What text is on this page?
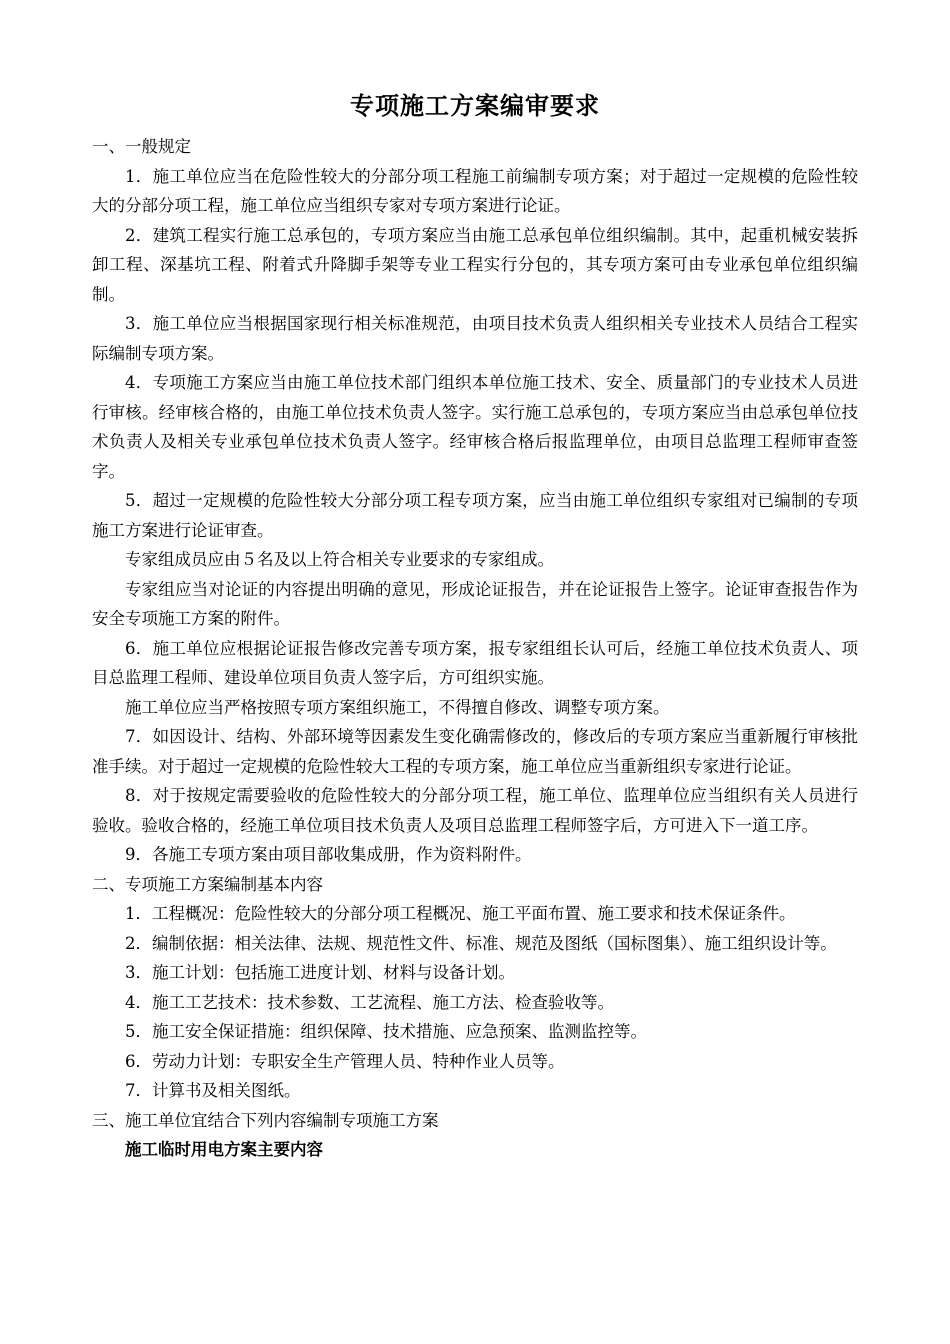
专项施工方案编审要求

一、一般规定

1．施工单位应当在危险性较大的分部分项工程施工前编制专项方案；对于超过一定规模的危险性较大的分部分项工程，施工单位应当组织专家对专项方案进行论证。

2．建筑工程实行施工总承包的，专项方案应当由施工总承包单位组织编制。其中，起重机械安装拆卸工程、深基坑工程、附着式升降脚手架等专业工程实行分包的，其专项方案可由专业承包单位组织编制。

3．施工单位应当根据国家现行相关标准规范，由项目技术负责人组织相关专业技术人员结合工程实际编制专项方案。

4．专项施工方案应当由施工单位技术部门组织本单位施工技术、安全、质量部门的专业技术人员进行审核。经审核合格的，由施工单位技术负责人签字。实行施工总承包的，专项方案应当由总承包单位技术负责人及相关专业承包单位技术负责人签字。经审核合格后报监理单位，由项目总监理工程师审查签字。

5．超过一定规模的危险性较大分部分项工程专项方案，应当由施工单位组织专家组对已编制的专项施工方案进行论证审查。

专家组成员应由５名及以上符合相关专业要求的专家组成。

专家组应当对论证的内容提出明确的意见，形成论证报告，并在论证报告上签字。论证审查报告作为安全专项施工方案的附件。

6．施工单位应根据论证报告修改完善专项方案，报专家组组长认可后，经施工单位技术负责人、项目总监理工程师、建设单位项目负责人签字后，方可组织实施。

施工单位应当严格按照专项方案组织施工，不得擅自修改、调整专项方案。

7．如因设计、结构、外部环境等因素发生变化确需修改的，修改后的专项方案应当重新履行审核批准手续。对于超过一定规模的危险性较大工程的专项方案，施工单位应当重新组织专家进行论证。

8．对于按规定需要验收的危险性较大的分部分项工程，施工单位、监理单位应当组织有关人员进行验收。验收合格的，经施工单位项目技术负责人及项目总监理工程师签字后，方可进入下一道工序。

9．各施工专项方案由项目部收集成册，作为资料附件。

二、专项施工方案编制基本内容

1．工程概况：危险性较大的分部分项工程概况、施工平面布置、施工要求和技术保证条件。

2．编制依据：相关法律、法规、规范性文件、标准、规范及图纸（国标图集）、施工组织设计等。

3．施工计划：包括施工进度计划、材料与设备计划。

4．施工工艺技术：技术参数、工艺流程、施工方法、检查验收等。

5．施工安全保证措施：组织保障、技术措施、应急预案、监测监控等。

6．劳动力计划：专职安全生产管理人员、特种作业人员等。

7．计算书及相关图纸。

三、施工单位宜结合下列内容编制专项施工方案

施工临时用电方案主要内容
